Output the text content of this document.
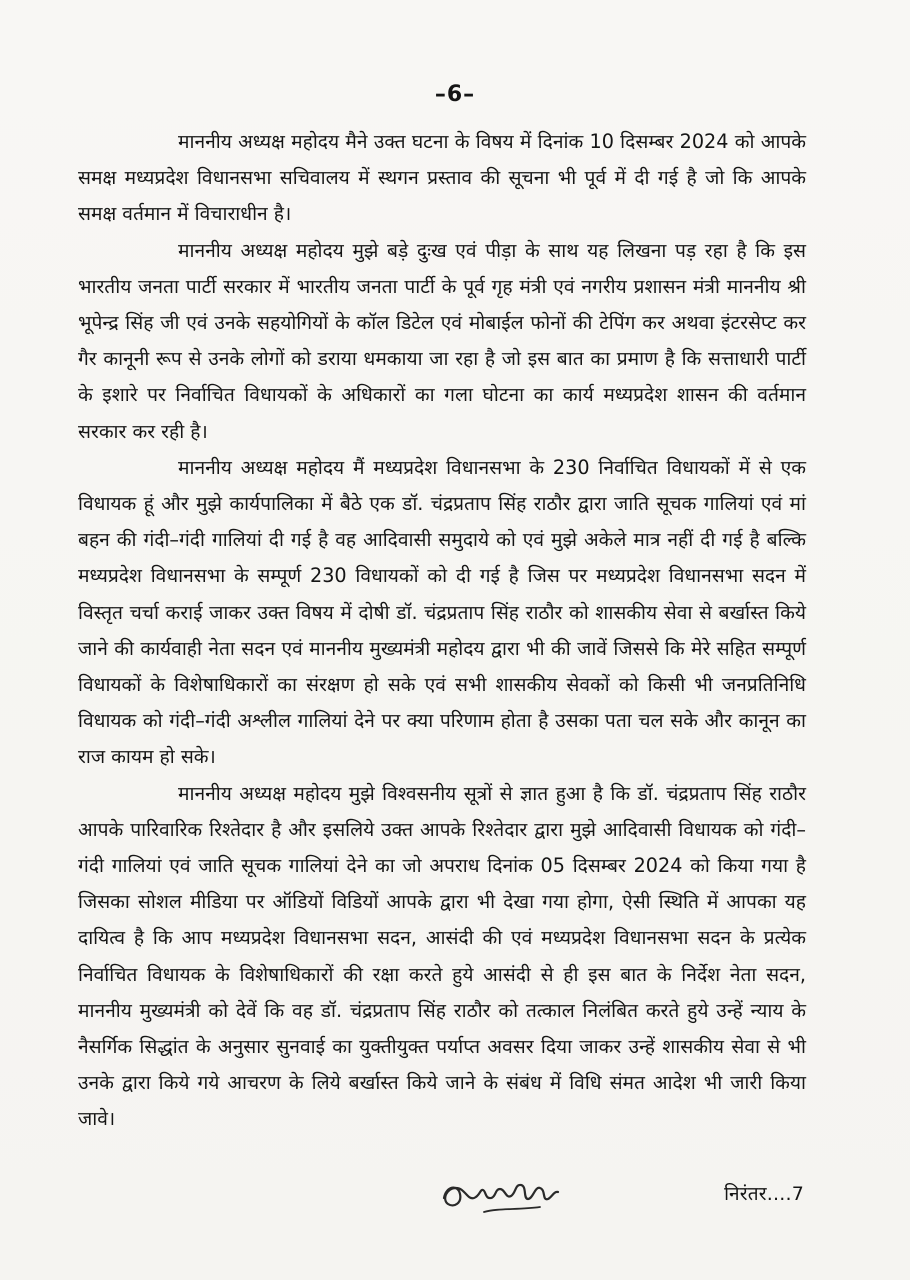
–6–

माननीय अध्यक्ष महोदय मैने उक्त घटना के विषय में दिनांक 10 दिसम्बर 2024 को आपके समक्ष मध्यप्रदेश विधानसभा सचिवालय में स्थगन प्रस्ताव की सूचना भी पूर्व में दी गई है जो कि आपके समक्ष वर्तमान में विचाराधीन है।

माननीय अध्यक्ष महोदय मुझे बड़े दुःख एवं पीड़ा के साथ यह लिखना पड़ रहा है कि इस भारतीय जनता पार्टी सरकार में भारतीय जनता पार्टी के पूर्व गृह मंत्री एवं नगरीय प्रशासन मंत्री माननीय श्री भूपेन्द्र सिंह जी एवं उनके सहयोगियों के कॉल डिटेल एवं मोबाईल फोनों की टेपिंग कर अथवा इंटरसेप्ट कर गैर कानूनी रूप से उनके लोगों को डराया धमकाया जा रहा है जो इस बात का प्रमाण है कि सत्ताधारी पार्टी के इशारे पर निर्वाचित विधायकों के अधिकारों का गला घोटना का कार्य मध्यप्रदेश शासन की वर्तमान सरकार कर रही है।

माननीय अध्यक्ष महोदय मैं मध्यप्रदेश विधानसभा के 230 निर्वाचित विधायकों में से एक विधायक हूं और मुझे कार्यपालिका में बैठे एक डॉ. चंद्रप्रताप सिंह राठौर द्वारा जाति सूचक गालियां एवं मां बहन की गंदी–गंदी गालियां दी गई है वह आदिवासी समुदाये को एवं मुझे अकेले मात्र नहीं दी गई है बल्कि मध्यप्रदेश विधानसभा के सम्पूर्ण 230 विधायकों को दी गई है जिस पर मध्यप्रदेश विधानसभा सदन में विस्तृत चर्चा कराई जाकर उक्त विषय में दोषी डॉ. चंद्रप्रताप सिंह राठौर को शासकीय सेवा से बर्खास्त किये जाने की कार्यवाही नेता सदन एवं माननीय मुख्यमंत्री महोदय द्वारा भी की जावें जिससे कि मेरे सहित सम्पूर्ण विधायकों के विशेषाधिकारों का संरक्षण हो सके एवं सभी शासकीय सेवकों को किसी भी जनप्रतिनिधि विधायक को गंदी–गंदी अश्लील गालियां देने पर क्या परिणाम होता है उसका पता चल सके और कानून का राज कायम हो सके।

माननीय अध्यक्ष महोदय मुझे विश्वसनीय सूत्रों से ज्ञात हुआ है कि डॉ. चंद्रप्रताप सिंह राठौर आपके पारिवारिक रिश्तेदार है और इसलिये उक्त आपके रिश्तेदार द्वारा मुझे आदिवासी विधायक को गंदी–गंदी गालियां एवं जाति सूचक गालियां देने का जो अपराध दिनांक 05 दिसम्बर 2024 को किया गया है जिसका सोशल मीडिया पर ऑडियों विडियों आपके द्वारा भी देखा गया होगा, ऐसी स्थिति में आपका यह दायित्व है कि आप मध्यप्रदेश विधानसभा सदन, आसंदी की एवं मध्यप्रदेश विधानसभा सदन के प्रत्येक निर्वाचित विधायक के विशेषाधिकारों की रक्षा करते हुये आसंदी से ही इस बात के निर्देश नेता सदन, माननीय मुख्यमंत्री को देवें कि वह डॉ. चंद्रप्रताप सिंह राठौर को तत्काल निलंबित करते हुये उन्हें न्याय के नैसर्गिक सिद्धांत के अनुसार सुनवाई का युक्तीयुक्त पर्याप्त अवसर दिया जाकर उन्हें शासकीय सेवा से भी उनके द्वारा किये गये आचरण के लिये बर्खास्त किये जाने के संबंध में विधि संमत आदेश भी जारी किया जावे।

निरंतर....7
